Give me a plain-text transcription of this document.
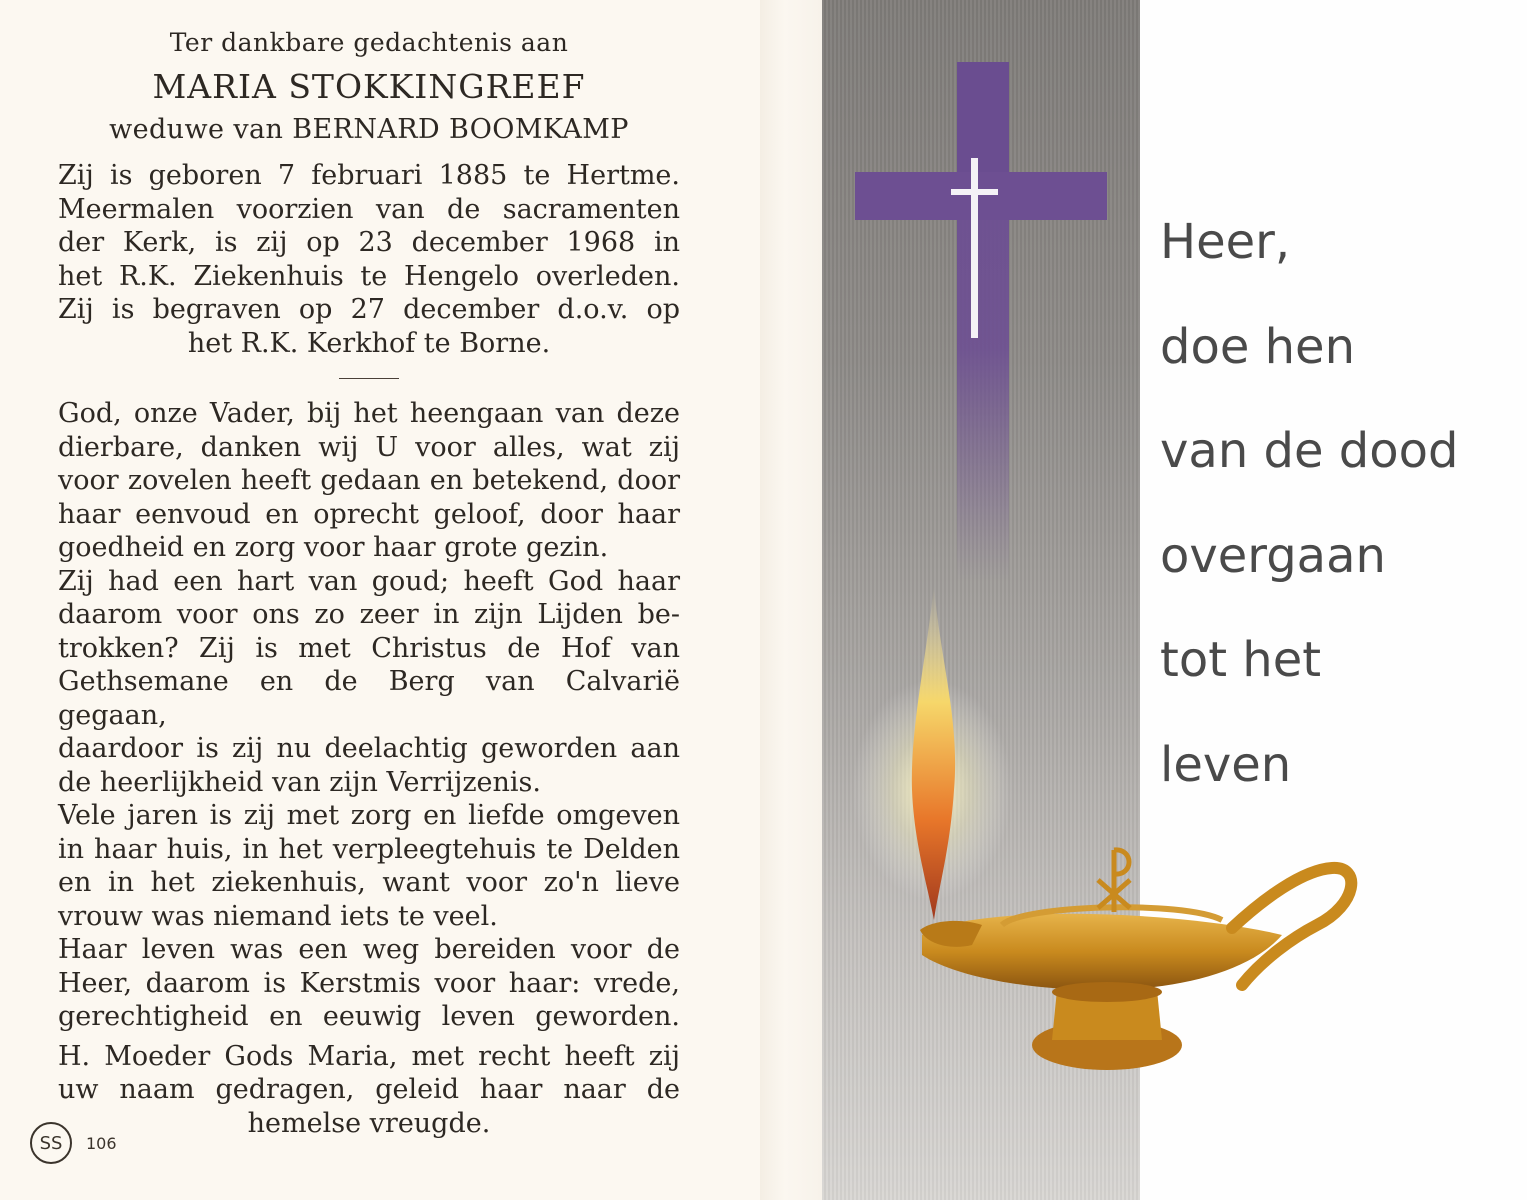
Ter dankbare gedachtenis aan
MARIA STOKKINGREEF
weduwe van BERNARD BOOMKAMP
Zij is geboren 7 februari 1885 te Hertme.
Meermalen voorzien van de sacramenten
der Kerk, is zij op 23 december 1968 in
het R.K. Ziekenhuis te Hengelo overleden.
Zij is begraven op 27 december d.o.v. op
het R.K. Kerkhof te Borne.

God, onze Vader, bij het heengaan van deze

dierbare, danken wij U voor alles, wat zij

voor zovelen heeft gedaan en betekend, door

haar eenvoud en oprecht geloof, door haar

goedheid en zorg voor haar grote gezin.

Zij had een hart van goud; heeft God haar

daarom voor ons zo zeer in zijn Lijden be-

trokken? Zij is met Christus de Hof van

Gethsemane en de Berg van Calvarië gegaan,

daardoor is zij nu deelachtig geworden aan

de heerlijkheid van zijn Verrijzenis.

Vele jaren is zij met zorg en liefde omgeven

in haar huis, in het verpleegtehuis te Delden

en in het ziekenhuis, want voor zo'n lieve

vrouw was niemand iets te veel.

Haar leven was een weg bereiden voor de

Heer, daarom is Kerstmis voor haar: vrede,

gerechtigheid en eeuwig leven geworden.

H. Moeder Gods Maria, met recht heeft zij

uw naam gedragen, geleid haar naar de

hemelse vreugde.

SS	106
Heer,
doe hen
van de dood
overgaan
tot het
leven
